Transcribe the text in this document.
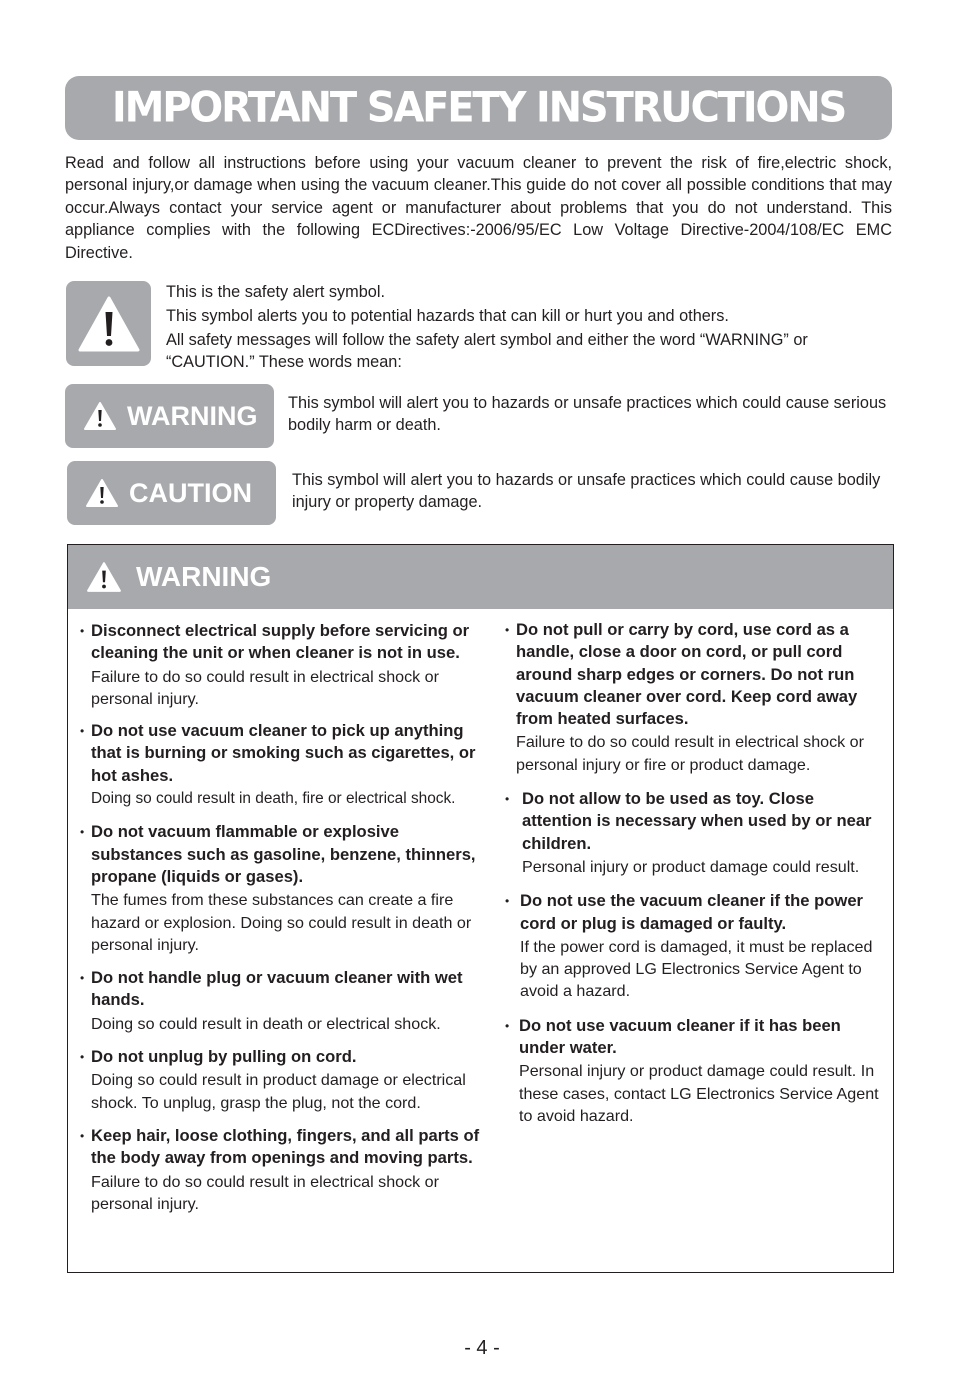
IMPORTANT SAFETY INSTRUCTIONS

Read and follow all instructions before using your vacuum cleaner to prevent the risk of fire,electric shock, personal injury,or damage when using the vacuum cleaner.This guide do not cover all possible conditions that may occur.Always contact your service agent or manufacturer about problems that you do not understand. This appliance complies with the following ECDirectives:-2006/95/EC Low Voltage Directive-2004/108/EC EMC Directive.

This is the safety alert symbol.

This symbol alerts you to potential hazards that can kill or hurt you and others.

All safety messages will follow the safety alert symbol and either the word “WARNING” or “CAUTION.” These words mean:

WARNING This symbol will alert you to hazards or unsafe practices which could cause serious bodily harm or death.

CAUTION This symbol will alert you to hazards or unsafe practices which could cause bodily injury or property damage.

WARNING
• Disconnect electrical supply before servicing or cleaning the unit or when cleaner is not in use.
Failure to do so could result in electrical shock or personal injury.
• Do not use vacuum cleaner to pick up anything that is burning or smoking such as cigarettes, or hot ashes.
Doing so could result in death, fire or electrical shock.
• Do not vacuum flammable or explosive substances such as gasoline, benzene, thinners, propane (liquids or gases).
The fumes from these substances can create a fire hazard or explosion. Doing so could result in death or personal injury.
• Do not handle plug or vacuum cleaner with wet hands.
Doing so could result in death or electrical shock.
• Do not unplug by pulling on cord.
Doing so could result in product damage or electrical shock. To unplug, grasp the plug, not the cord.
• Keep hair, loose clothing, fingers, and all parts of the body away from openings and moving parts.
Failure to do so could result in electrical shock or personal injury.
• Do not pull or carry by cord, use cord as a handle, close a door on cord, or pull cord around sharp edges or corners. Do not run vacuum cleaner over cord. Keep cord away from heated surfaces.
Failure to do so could result in electrical shock or personal injury or fire or product damage.
• Do not allow to be used as toy. Close attention is necessary when used by or near children.
Personal injury or product damage could result.
• Do not use the vacuum cleaner if the power cord or plug is damaged or faulty.
If the power cord is damaged, it must be replaced by an approved LG Electronics Service Agent to avoid a hazard.
• Do not use vacuum cleaner if it has been under water.
Personal injury or product damage could result. In these cases, contact LG Electronics Service Agent to avoid hazard.
- 4 -
